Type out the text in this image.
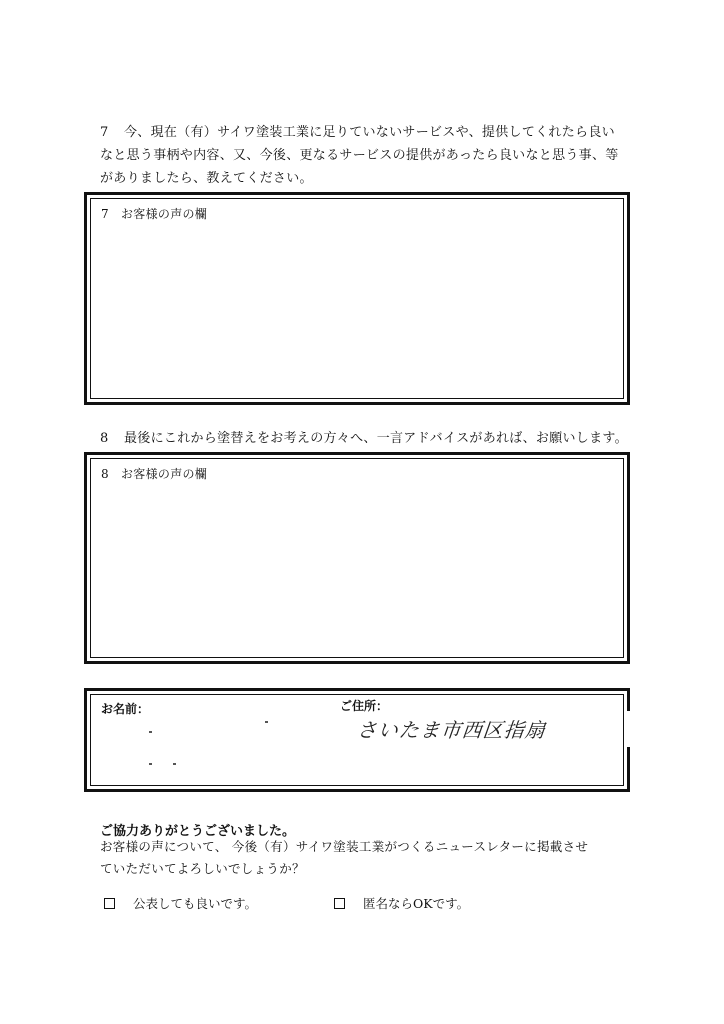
7 今、現在（有）サイワ塗装工業に足りていないサービスや、提供してくれたら良い
なと思う事柄や内容、又、今後、更なるサービスの提供があったら良いなと思う事、等
がありましたら、教えてください。
7 お客様の声の欄
8 最後にこれから塗替えをお考えの方々へ、一言アドバイスがあれば、お願いします。
8 お客様の声の欄
お名前：	ご住所：
さいたま市西区指扇
ご協力ありがとうございました。
お客様の声について、 今後（有）サイワ塗装工業がつくるニュースレターに掲載させ
ていただいてよろしいでしょうか？
公表しても良いです。	匿名ならOKです。
